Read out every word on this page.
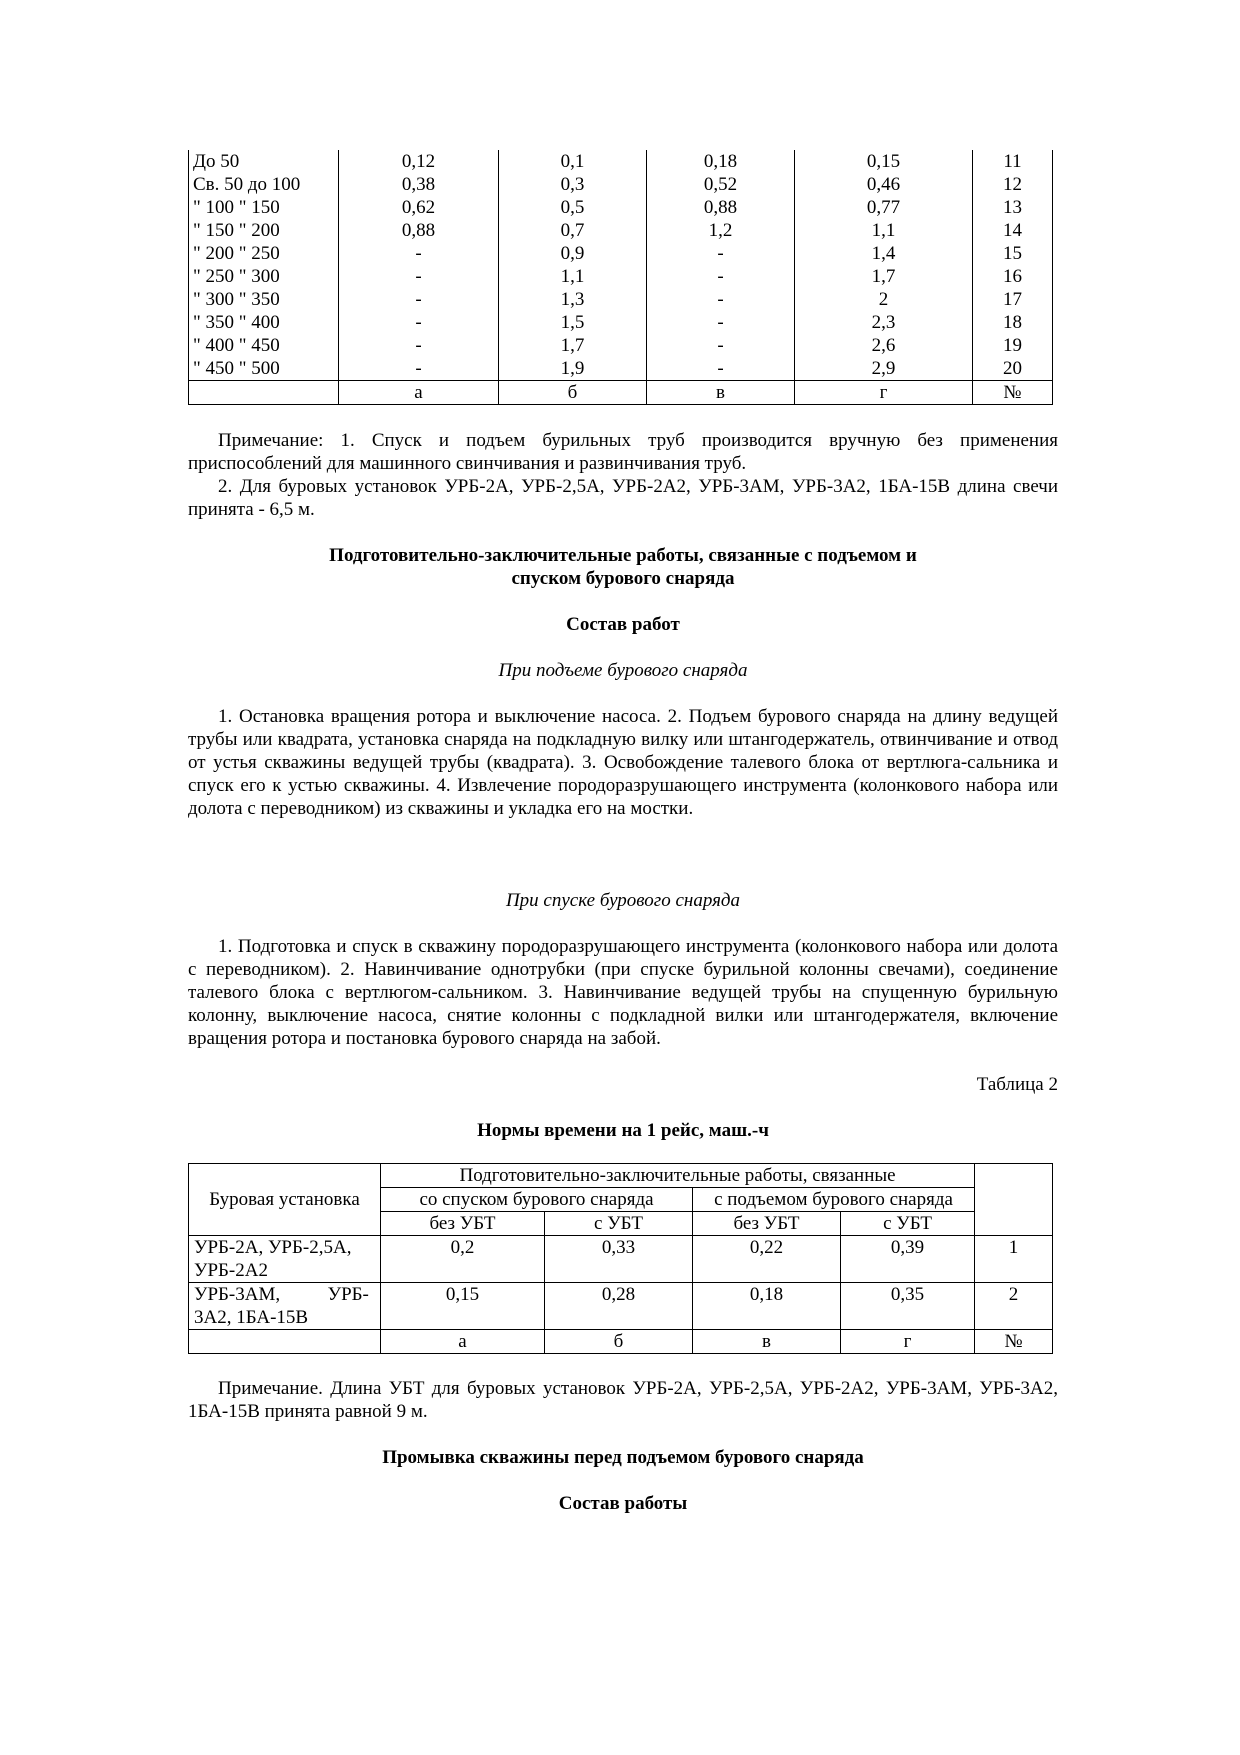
До 50	0,12	0,1	0,18	0,15	11
Св. 50 до 100	0,38	0,3	0,52	0,46	12
" 100 " 150	0,62	0,5	0,88	0,77	13
" 150 " 200	0,88	0,7	1,2	1,1	14
" 200 " 250	-	0,9	-	1,4	15
" 250 " 300	-	1,1	-	1,7	16
" 300 " 350	-	1,3	-	2	17
" 350 " 400	-	1,5	-	2,3	18
" 400 " 450	-	1,7	-	2,6	19
" 450 " 500	-	1,9	-	2,9	20
	а	б	в	г	№

Примечание: 1. Спуск и подъем бурильных труб производится вручную без применения приспособлений для машинного свинчивания и развинчивания труб.

2. Для буровых установок УРБ-2А, УРБ-2,5А, УРБ-2А2, УРБ-3АМ, УРБ-3А2, 1БА-15В длина свечи принята - 6,5 м.

Подготовительно-заключительные работы, связанные с подъемом и

спуском бурового снаряда

Состав работ

При подъеме бурового снаряда

1. Остановка вращения ротора и выключение насоса. 2. Подъем бурового снаряда на длину ведущей трубы или квадрата, установка снаряда на подкладную вилку или штангодержатель, отвинчивание и отвод от устья скважины ведущей трубы (квадрата). 3. Освобождение талевого блока от вертлюга-сальника и спуск его к устью скважины. 4. Извлечение породоразрушающего инструмента (колонкового набора или долота с переводником) из скважины и укладка его на мостки.

При спуске бурового снаряда

1. Подготовка и спуск в скважину породоразрушающего инструмента (колонкового набора или долота с переводником). 2. Навинчивание однотрубки (при спуске бурильной колонны свечами), соединение талевого блока с вертлюгом-сальником. 3. Навинчивание ведущей трубы на спущенную бурильную колонну, выключение насоса, снятие колонны с подкладной вилки или штангодержателя, включение вращения ротора и постановка бурового снаряда на забой.

Таблица 2

Нормы времени на 1 рейс, маш.-ч

Буровая установка	Подготовительно-заключительные работы, связанные				
	со спуском бурового снаряда		с подъемом бурового снаряда		
	без УБТ	с УБТ	без УБТ	с УБТ	
УРБ-2А, УРБ-2,5А,
УРБ-2А2	0,2	0,33	0,22	0,39	1
УРБ-3АМ,          УРБ-
3А2, 1БА-15В	0,15	0,28	0,18	0,35	2
	а	б	в	г	№

Примечание. Длина УБТ для буровых установок УРБ-2А, УРБ-2,5А, УРБ-2А2, УРБ-3АМ, УРБ-3А2, 1БА-15В принята равной 9 м.

Промывка скважины перед подъемом бурового снаряда

Состав работы
